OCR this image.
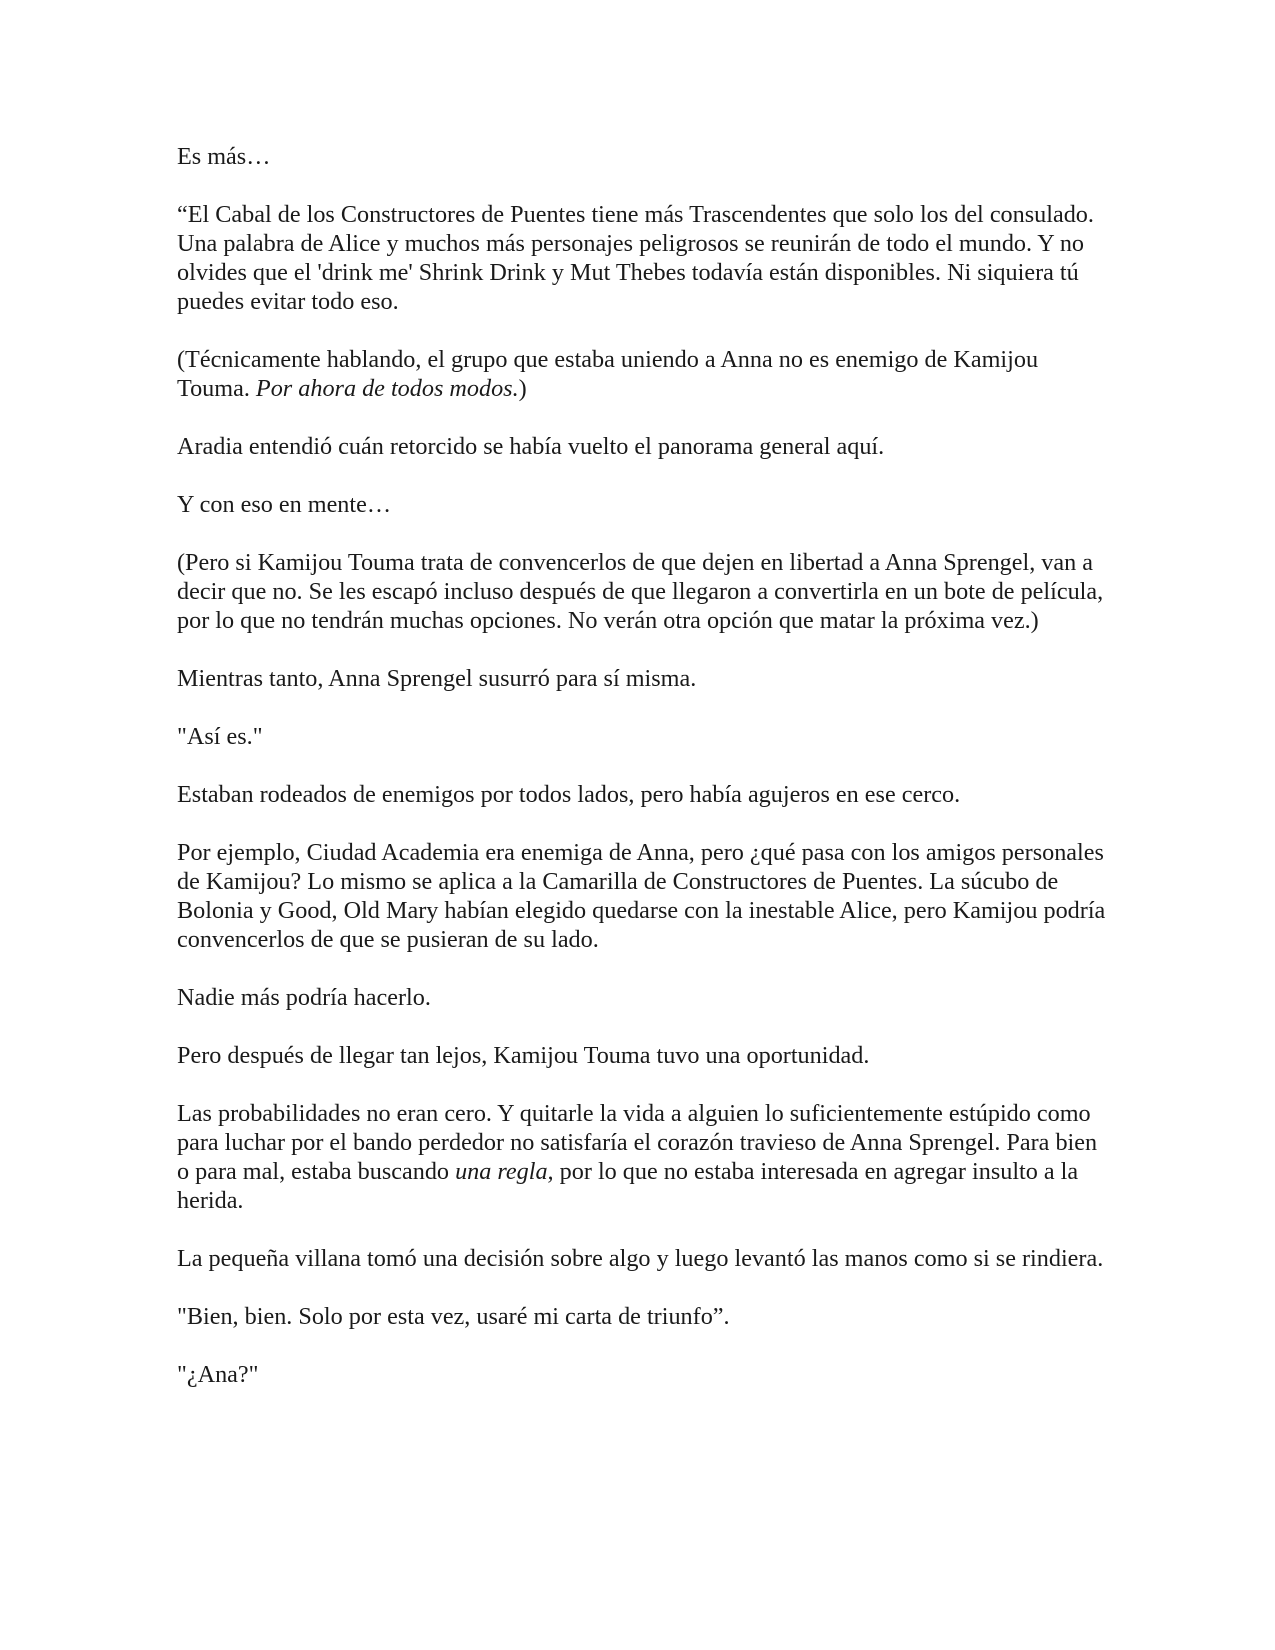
Es más…

“El Cabal de los Constructores de Puentes tiene más Trascendentes que solo los del consulado. Una palabra de Alice y muchos más personajes peligrosos se reunirán de todo el mundo. Y no olvides que el 'drink me' Shrink Drink y Mut Thebes todavía están disponibles. Ni siquiera tú puedes evitar todo eso.

(Técnicamente hablando, el grupo que estaba uniendo a Anna no es enemigo de Kamijou Touma. Por ahora de todos modos.)

Aradia entendió cuán retorcido se había vuelto el panorama general aquí.

Y con eso en mente…

(Pero si Kamijou Touma trata de convencerlos de que dejen en libertad a Anna Sprengel, van a decir que no. Se les escapó incluso después de que llegaron a convertirla en un bote de película, por lo que no tendrán muchas opciones. No verán otra opción que matar la próxima vez.)

Mientras tanto, Anna Sprengel susurró para sí misma.

"Así es."

Estaban rodeados de enemigos por todos lados, pero había agujeros en ese cerco.

Por ejemplo, Ciudad Academia era enemiga de Anna, pero ¿qué pasa con los amigos personales de Kamijou? Lo mismo se aplica a la Camarilla de Constructores de Puentes. La súcubo de Bolonia y Good, Old Mary habían elegido quedarse con la inestable Alice, pero Kamijou podría convencerlos de que se pusieran de su lado.

Nadie más podría hacerlo.

Pero después de llegar tan lejos, Kamijou Touma tuvo una oportunidad.

Las probabilidades no eran cero. Y quitarle la vida a alguien lo suficientemente estúpido como para luchar por el bando perdedor no satisfaría el corazón travieso de Anna Sprengel. Para bien o para mal, estaba buscando una regla, por lo que no estaba interesada en agregar insulto a la herida.

La pequeña villana tomó una decisión sobre algo y luego levantó las manos como si se rindiera.

"Bien, bien. Solo por esta vez, usaré mi carta de triunfo”.

"¿Ana?"
